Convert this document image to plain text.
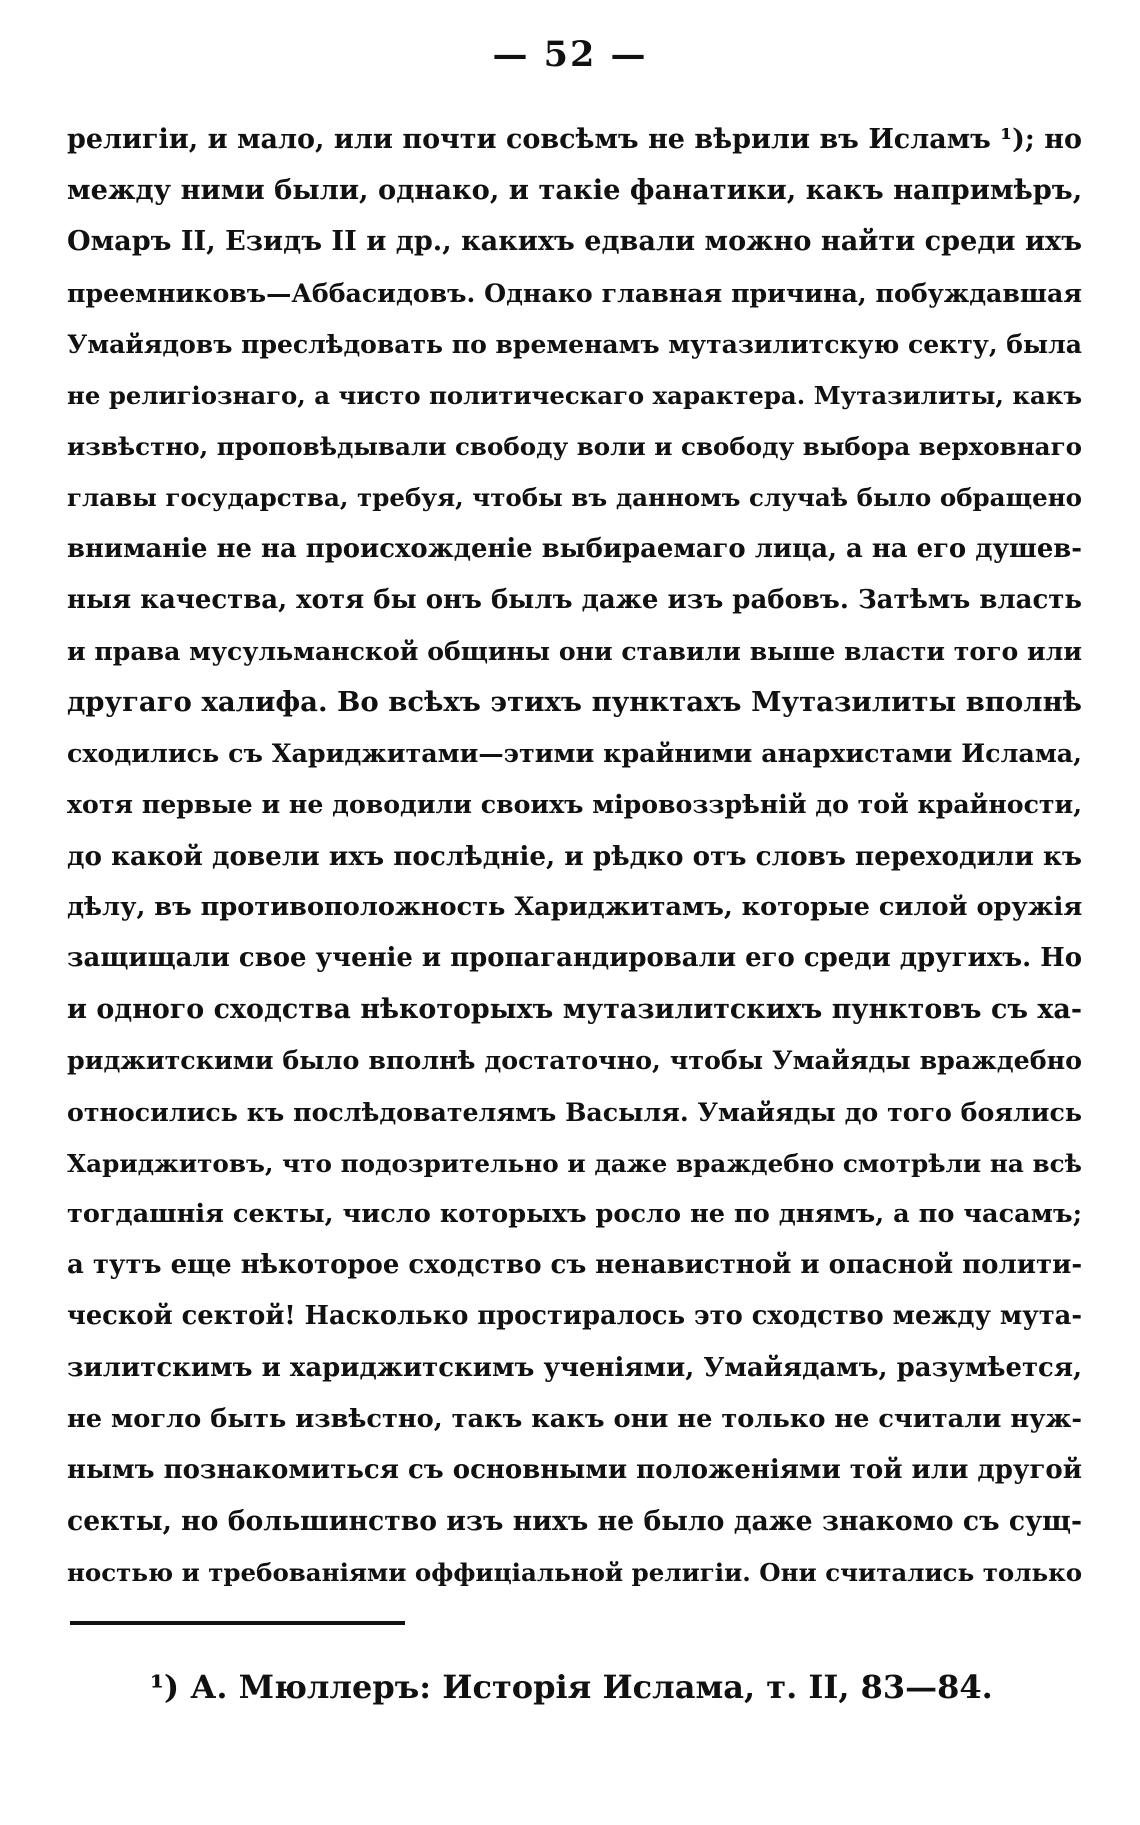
— 52 —
религіи, и мало, или почти совсѣмъ не вѣрили въ Исламъ ¹); но
между ними были, однако, и такіе фанатики, какъ напримѣръ,
Омаръ II, Езидъ II и др., какихъ едвали можно найти среди ихъ
преемниковъ—Аббасидовъ. Однако главная причина, побуждавшая
Умайядовъ преслѣдовать по временамъ мутазилитскую секту, была
не религіознаго, а чисто политическаго характера. Мутазилиты, какъ
извѣстно, проповѣдывали свободу воли и свободу выбора верховнаго
главы государства, требуя, чтобы въ данномъ случаѣ было обращено
вниманіе не на происхожденіе выбираемаго лица, а на его душев-
ныя качества, хотя бы онъ былъ даже изъ рабовъ. Затѣмъ власть
и права мусульманской общины они ставили выше власти того или
другаго халифа. Во всѣхъ этихъ пунктахъ Мутазилиты вполнѣ
сходились съ Хариджитами—этими крайними анархистами Ислама,
хотя первые и не доводили своихъ міровоззрѣній до той крайности,
до какой довели ихъ послѣдніе, и рѣдко отъ словъ переходили къ
дѣлу, въ противоположность Хариджитамъ, которые силой оружія
защищали свое ученіе и пропагандировали его среди другихъ. Но
и одного сходства нѣкоторыхъ мутазилитскихъ пунктовъ съ ха-
риджитскими было вполнѣ достаточно, чтобы Умайяды враждебно
относились къ послѣдователямъ Васыля. Умайяды до того боялись
Хариджитовъ, что подозрительно и даже враждебно смотрѣли на всѣ
тогдашнія секты, число которыхъ росло не по днямъ, а по часамъ;
а тутъ еще нѣкоторое сходство съ ненавистной и опасной полити-
ческой сектой! Насколько простиралось это сходство между мута-
зилитскимъ и хариджитскимъ ученіями, Умайядамъ, разумѣется,
не могло быть извѣстно, такъ какъ они не только не считали нуж-
нымъ познакомиться съ основными положеніями той или другой
секты, но большинство изъ нихъ не было даже знакомо съ сущ-
ностью и требованіями оффиціальной религіи. Они считались только
¹) А. Мюллеръ: Исторія Ислама, т. II, 83—84.
